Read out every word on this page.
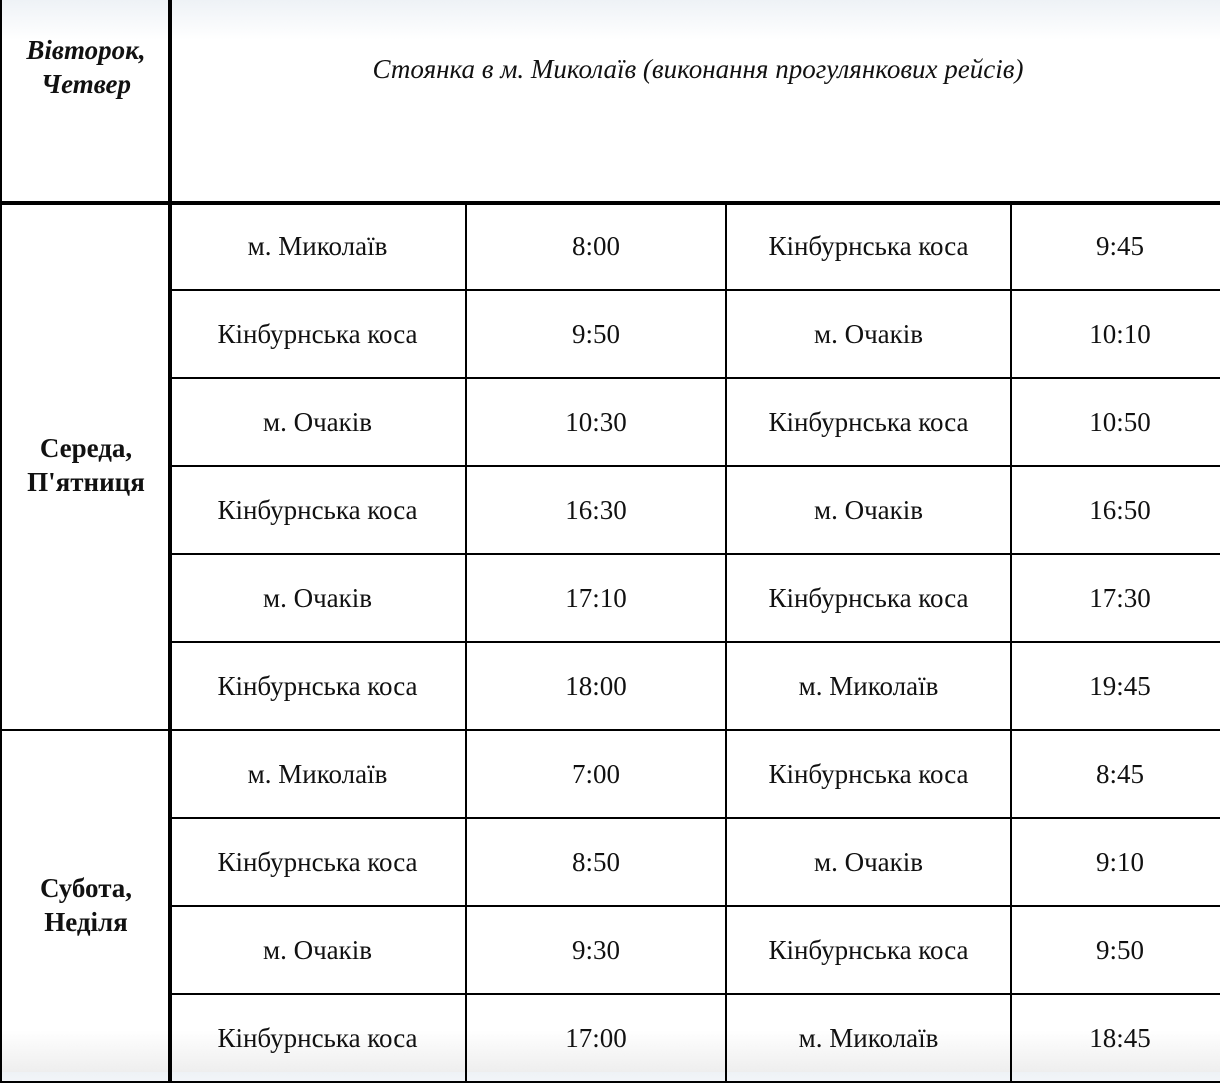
Вівторок,
Четвер	Стоянка в м. Миколаїв (виконання прогулянкових рейсів)
Середа,
П'ятниця
м. Миколаїв	8:00	Кінбурнська коса	9:45
Кінбурнська коса	9:50	м. Очаків	10:10
м. Очаків	10:30	Кінбурнська коса	10:50
Кінбурнська коса	16:30	м. Очаків	16:50
м. Очаків	17:10	Кінбурнська коса	17:30
Кінбурнська коса	18:00	м. Миколаїв	19:45
Субота,
Неділя
м. Миколаїв	7:00	Кінбурнська коса	8:45
Кінбурнська коса	8:50	м. Очаків	9:10
м. Очаків	9:30	Кінбурнська коса	9:50
Кінбурнська коса	17:00	м. Миколаїв	18:45
